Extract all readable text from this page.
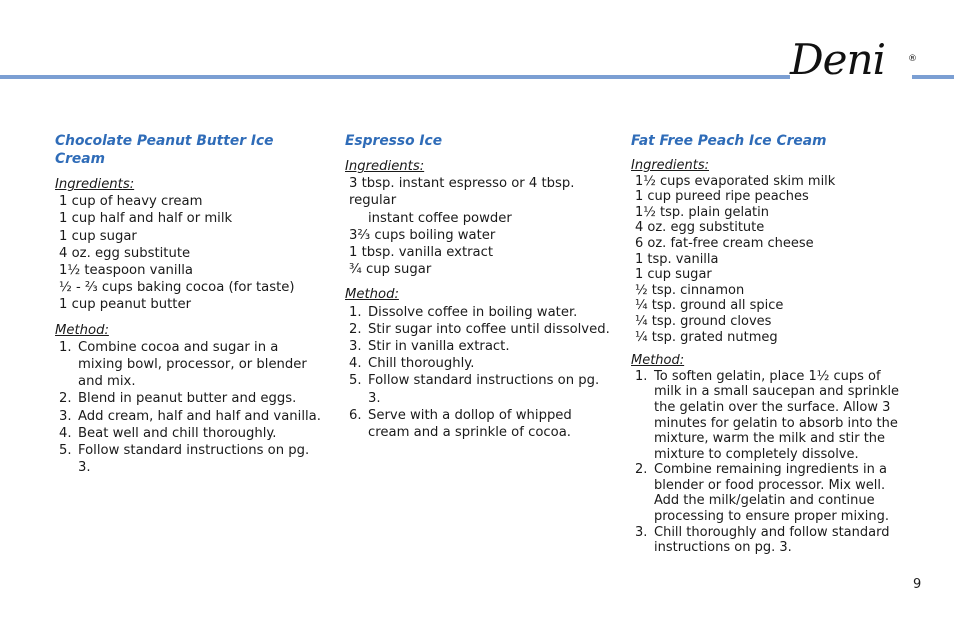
Deni	®
Chocolate Peanut Butter Ice Cream

Ingredients:

1 cup of heavy cream
1 cup half and half or milk
1 cup sugar
4 oz. egg substitute
1½ teaspoon vanilla
½ - ⅔ cups baking cocoa (for taste)
1 cup peanut butter

Method:

1. Combine cocoa and sugar in a mixing bowl, processor, or blender and mix.
2. Blend in peanut butter and eggs.
3. Add cream, half and half and vanilla.
4. Beat well and chill thoroughly.
5. Follow standard instructions on pg. 3.
Espresso Ice

Ingredients:

3 tbsp. instant espresso or 4 tbsp. regular
instant coffee powder
3⅔ cups boiling water
1 tbsp. vanilla extract
¾ cup sugar

Method:

1. Dissolve coffee in boiling water.
2. Stir sugar into coffee until dissolved.
3. Stir in vanilla extract.
4. Chill thoroughly.
5. Follow standard instructions on pg. 3.
6. Serve with a dollop of whipped cream and a sprinkle of cocoa.
Fat Free Peach Ice Cream

Ingredients:

1½ cups evaporated skim milk
1 cup pureed ripe peaches
1½ tsp. plain gelatin
4 oz. egg substitute
6 oz. fat-free cream cheese
1 tsp. vanilla
1 cup sugar
½ tsp. cinnamon
¼ tsp. ground all spice
¼ tsp. ground cloves
¼ tsp. grated nutmeg

Method:

1. To soften gelatin, place 1½ cups of milk in a small saucepan and sprinkle the gelatin over the surface. Allow 3 minutes for gelatin to absorb into the mixture, warm the milk and stir the mixture to completely dissolve.
2. Combine remaining ingredients in a blender or food processor. Mix well. Add the milk/gelatin and continue processing to ensure proper mixing.
3. Chill thoroughly and follow standard instructions on pg. 3.
9
